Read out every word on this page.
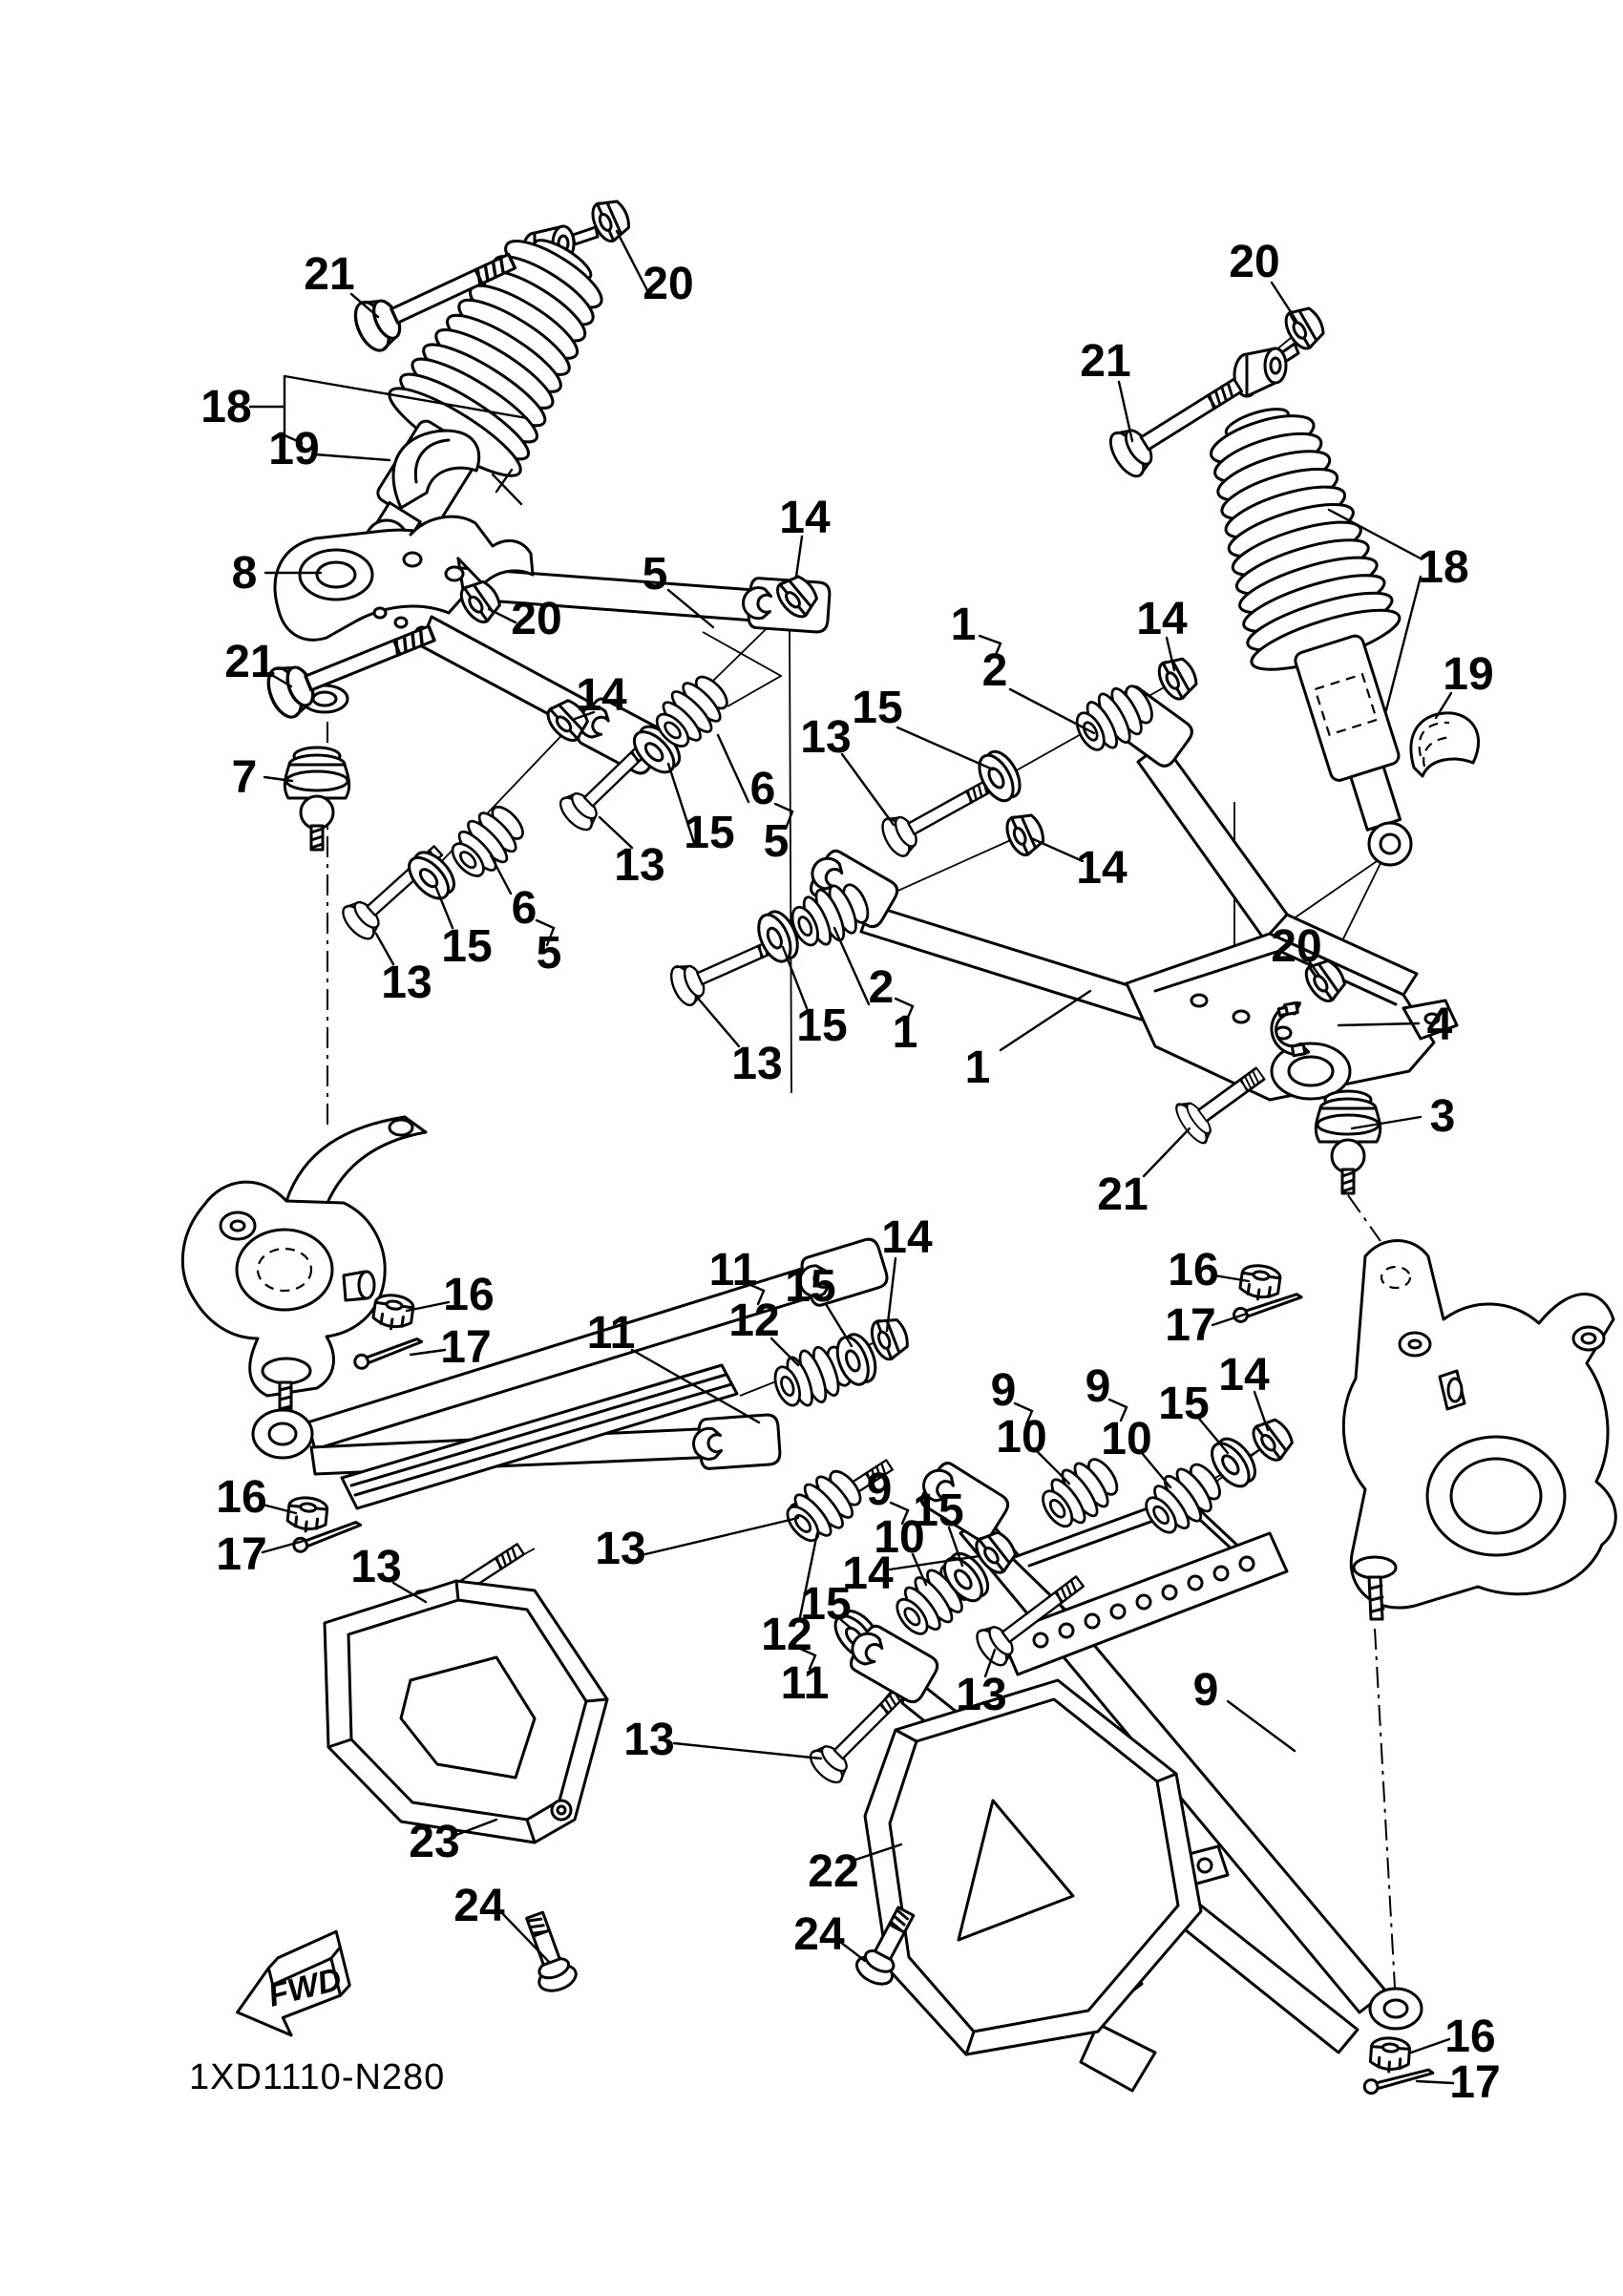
21	20
18
19
8
21
7
20
5
14
14
13
6
5
15
6
5
15
13
13
15
1
2
14
14
2
1
15
13	1
21
14
20
4
3
20
21
18
19
16
17
16
17
16
17
11
12
15
11
13	13
12
11
13
23
24
9
10
15
14
15
9
10
9
10
15
14
13	9
22
24
16
17
FWD
1XD1110-N280
